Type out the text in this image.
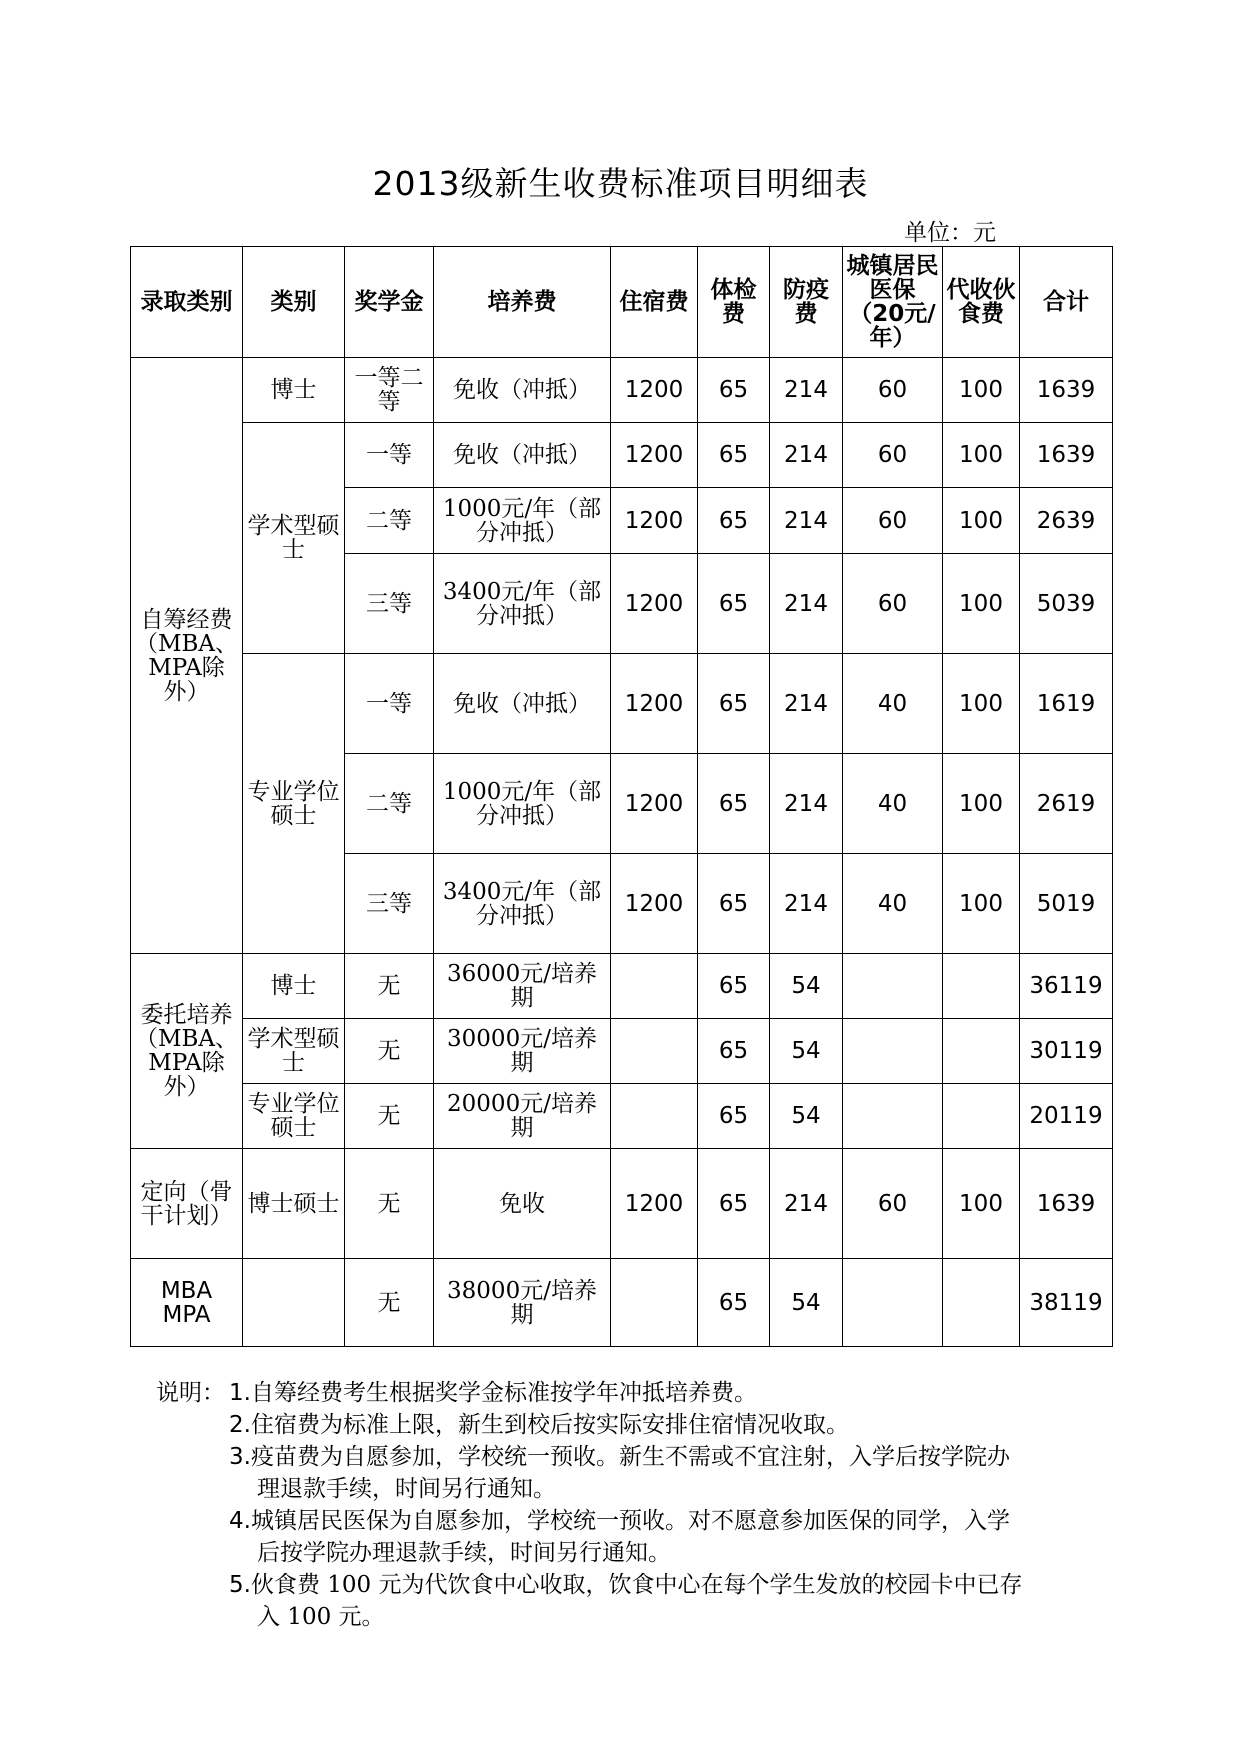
2013级新生收费标准项目明细表
单位：元
录取类别	类别	奖学金	培养费	住宿费	体检费	防疫费	城镇居民医保（20元/年）	代收伙食费	合计
自筹经费（MBA、MPA除外）	博士	一等二等	免收（冲抵）	1200	65	214	60	100	1639
	学术型硕士	一等	免收（冲抵）	1200	65	214	60	100	1639
		二等	1000元/年（部分冲抵）	1200	65	214	60	100	2639
		三等	3400元/年（部分冲抵）	1200	65	214	60	100	5039
	专业学位硕士	一等	免收（冲抵）	1200	65	214	40	100	1619
		二等	1000元/年（部分冲抵）	1200	65	214	40	100	2619
		三等	3400元/年（部分冲抵）	1200	65	214	40	100	5019
委托培养（MBA、MPA除外）	博士	无	36000元/培养期		65	54			36119
	学术型硕士	无	30000元/培养期		65	54			30119
	专业学位硕士	无	20000元/培养期		65	54			20119
定向（骨干计划）	博士硕士	无	免收	1200	65	214	60	100	1639
MBA MPA		无	38000元/培养期		65	54			38119
说明： 1.自筹经费考生根据奖学金标准按学年冲抵培养费。
2.住宿费为标准上限，新生到校后按实际安排住宿情况收取。
3.疫苗费为自愿参加，学校统一预收。新生不需或不宜注射，入学后按学院办
理退款手续，时间另行通知。
4.城镇居民医保为自愿参加，学校统一预收。对不愿意参加医保的同学，入学
后按学院办理退款手续，时间另行通知。
5.伙食费 100 元为代饮食中心收取，饮食中心在每个学生发放的校园卡中已存
入 100 元。
